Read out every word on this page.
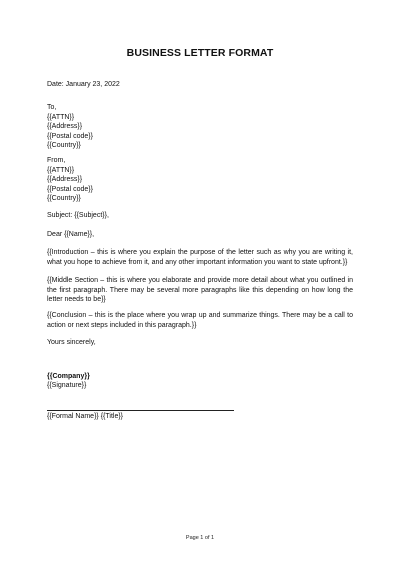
BUSINESS LETTER FORMAT
Date: January 23, 2022
To,
{{ATTN}}
{{Address}}
{{Postal code}}
{{Country}}
From,
{{ATTN}}
{{Address}}
{{Postal code}}
{{Country}}
Subject: {{Subject}},
Dear {{Name}},
{{Introduction – this is where you explain the purpose of the letter such as why you are writing it, what you hope to achieve from it, and any other important information you want to state upfront.}}
{{Middle Section – this is where you elaborate and provide more detail about what you outlined in the first paragraph. There may be several more paragraphs like this depending on how long the letter needs to be}}
{{Conclusion – this is the place where you wrap up and summarize things. There may be a call to action or next steps included in this paragraph.}}
Yours sincerely,
{{Company}}
{{Signature}}
{{Formal Name}} {{Title}}
Page 1 of 1
